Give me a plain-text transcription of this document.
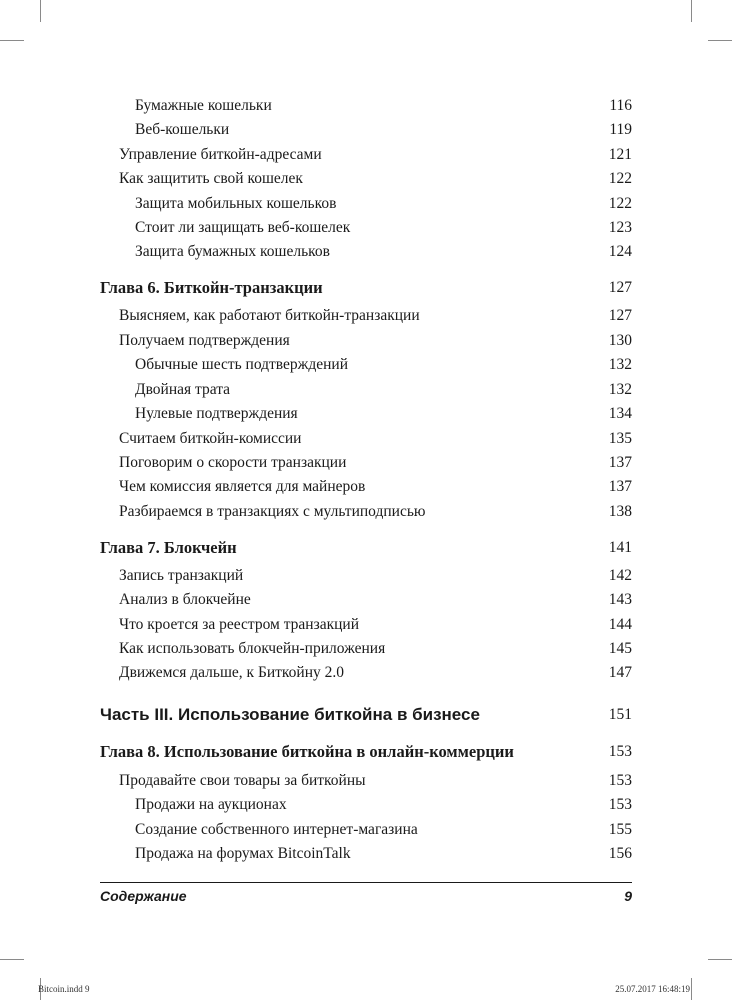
Бумажные кошельки	116
Веб-кошельки	119
Управление биткойн-адресами	121
Как защитить свой кошелек	122
Защита мобильных кошельков	122
Стоит ли защищать веб-кошелек	123
Защита бумажных кошельков	124
Глава 6. Биткойн-транзакции	127
Выясняем, как работают биткойн-транзакции	127
Получаем подтверждения	130
Обычные шесть подтверждений	132
Двойная трата	132
Нулевые подтверждения	134
Считаем биткойн-комиссии	135
Поговорим о скорости транзакции	137
Чем комиссия является для майнеров	137
Разбираемся в транзакциях с мультиподписью	138
Глава 7. Блокчейн	141
Запись транзакций	142
Анализ в блокчейне	143
Что кроется за реестром транзакций	144
Как использовать блокчейн-приложения	145
Движемся дальше, к Биткойну 2.0	147
Часть III. Использование биткойна в бизнесе	151
Глава 8. Использование биткойна в онлайн-коммерции	153
Продавайте свои товары за биткойны	153
Продажи на аукционах	153
Создание собственного интернет-магазина	155
Продажа на форумах BitcoinTalk	156
Содержание	9
Bitcoin.indd 9	25.07.2017 16:48:19
